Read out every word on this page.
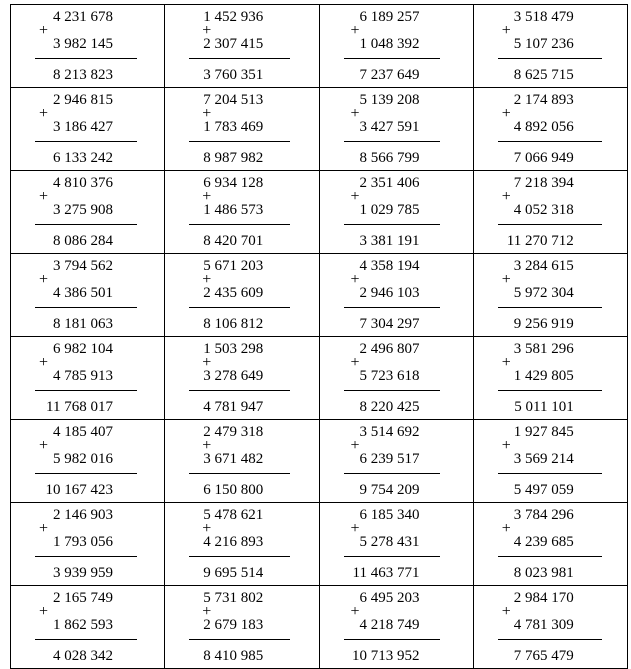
+
4 231 678
3 982 145
8 213 823	+
1 452 936
2 307 415
3 760 351	+
6 189 257
1 048 392
7 237 649	+
3 518 479
5 107 236
8 625 715

+
2 946 815
3 186 427
6 133 242	+
7 204 513
1 783 469
8 987 982	+
5 139 208
3 427 591
8 566 799	+
2 174 893
4 892 056
7 066 949

+
4 810 376
3 275 908
8 086 284	+
6 934 128
1 486 573
8 420 701	+
2 351 406
1 029 785
3 381 191	+
7 218 394
4 052 318
11 270 712

+
3 794 562
4 386 501
8 181 063	+
5 671 203
2 435 609
8 106 812	+
4 358 194
2 946 103
7 304 297	+
3 284 615
5 972 304
9 256 919

+
6 982 104
4 785 913
11 768 017	+
1 503 298
3 278 649
4 781 947	+
2 496 807
5 723 618
8 220 425	+
3 581 296
1 429 805
5 011 101

+
4 185 407
5 982 016
10 167 423	+
2 479 318
3 671 482
6 150 800	+
3 514 692
6 239 517
9 754 209	+
1 927 845
3 569 214
5 497 059

+
2 146 903
1 793 056
3 939 959	+
5 478 621
4 216 893
9 695 514	+
6 185 340
5 278 431
11 463 771	+
3 784 296
4 239 685
8 023 981

+
2 165 749
1 862 593
4 028 342	+
5 731 802
2 679 183
8 410 985	+
6 495 203
4 218 749
10 713 952	+
2 984 170
4 781 309
7 765 479
